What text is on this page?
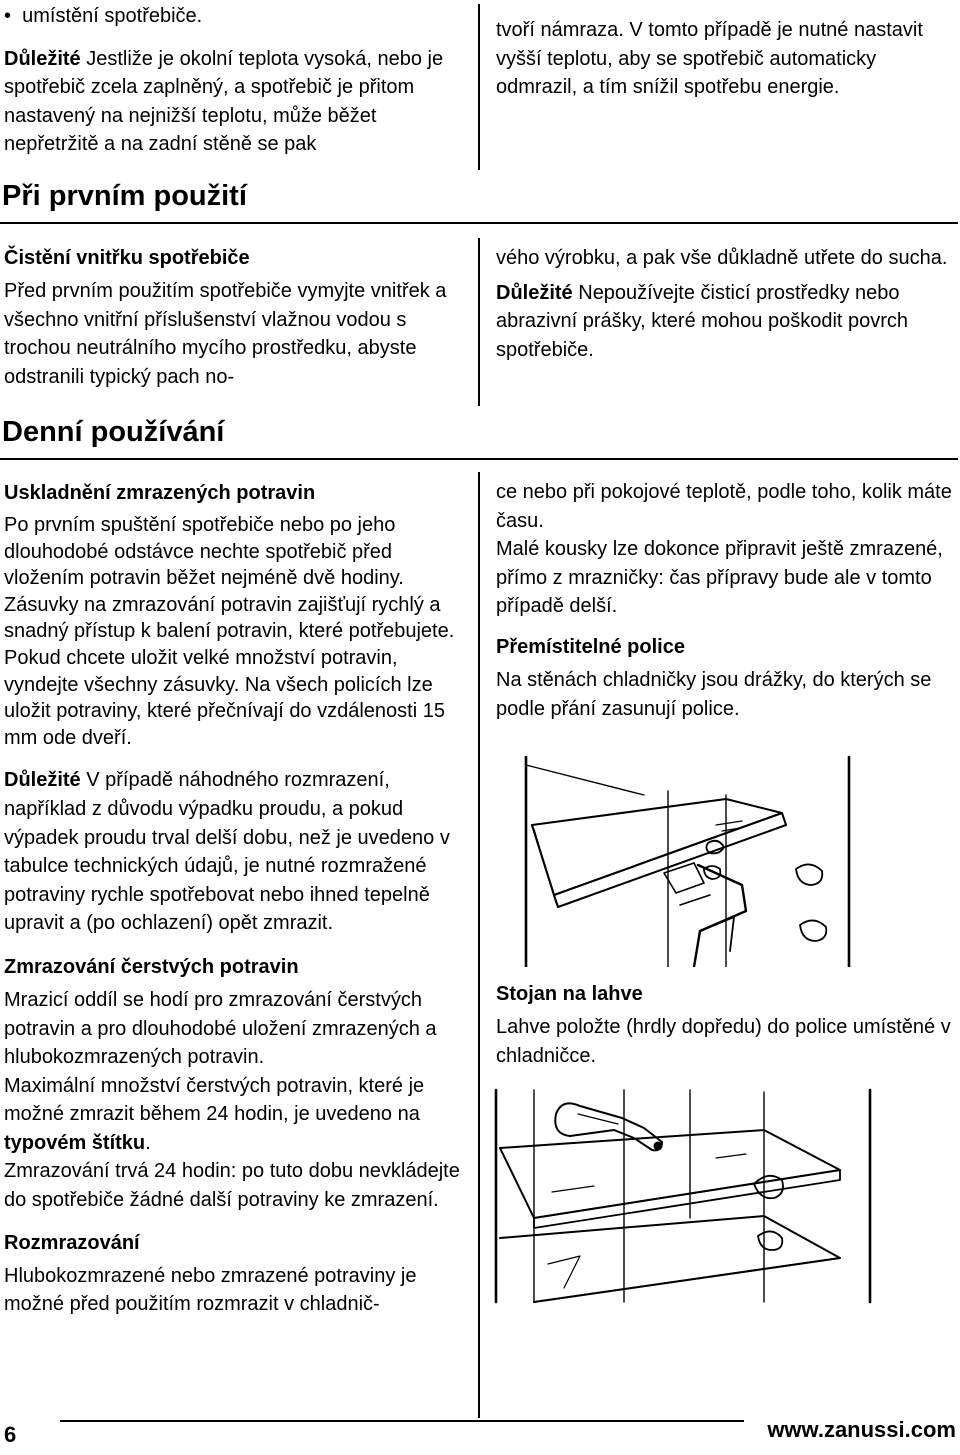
• umístění spotřebiče.

Důležité Jestliže je okolní teplota vysoká, nebo je spotřebič zcela zaplněný, a spotřebič je přitom nastavený na nejnižší teplotu, může běžet nepřetržitě a na zadní stěně se pak

tvoří námraza. V tomto případě je nutné nastavit vyšší teplotu, aby se spotřebič automaticky odmrazil, a tím snížil spotřebu energie.

Při prvním použití
Čistění vnitřku spotřebiče

Před prvním použitím spotřebiče vymyjte vnitřek a všechno vnitřní příslušenství vlažnou vodou s trochou neutrálního mycího prostředku, abyste odstranili typický pach no-

vého výrobku, a pak vše důkladně utřete do sucha.

Důležité Nepoužívejte čisticí prostředky nebo abrazivní prášky, které mohou poškodit povrch spotřebiče.

Denní používání
Uskladnění zmrazených potravin

Po prvním spuštění spotřebiče nebo po jeho dlouhodobé odstávce nechte spotřebič před vložením potravin běžet nejméně dvě hodiny. Zásuvky na zmrazování potravin zajišťují rychlý a snadný přístup k balení potravin, které potřebujete. Pokud chcete uložit velké množství potravin, vyndejte všechny zásuvky. Na všech policích lze uložit potraviny, které přečnívají do vzdálenosti 15 mm ode dveří.

Důležité V případě náhodného rozmrazení, například z důvodu výpadku proudu, a pokud výpadek proudu trval delší dobu, než je uvedeno v tabulce technických údajů, je nutné rozmražené potraviny rychle spotřebovat nebo ihned tepelně upravit a (po ochlazení) opět zmrazit.

Zmrazování čerstvých potravin

Mrazicí oddíl se hodí pro zmrazování čerstvých potravin a pro dlouhodobé uložení zmrazených a hlubokozmrazených potravin.

Maximální množství čerstvých potravin, které je možné zmrazit během 24 hodin, je uvedeno na typovém štítku.

Zmrazování trvá 24 hodin: po tuto dobu nevkládejte do spotřebiče žádné další potraviny ke zmrazení.

Rozmrazování

Hlubokozmrazené nebo zmrazené potraviny je možné před použitím rozmrazit v chladnič-

ce nebo při pokojové teplotě, podle toho, kolik máte času.

Malé kousky lze dokonce připravit ještě zmrazené, přímo z mrazničky: čas přípravy bude ale v tomto případě delší.

Přemístitelné police

Na stěnách chladničky jsou drážky, do kterých se podle přání zasunují police.

Stojan na lahve

Lahve položte (hrdly dopředu) do police umístěné v chladničce.

6	www.zanussi.com
